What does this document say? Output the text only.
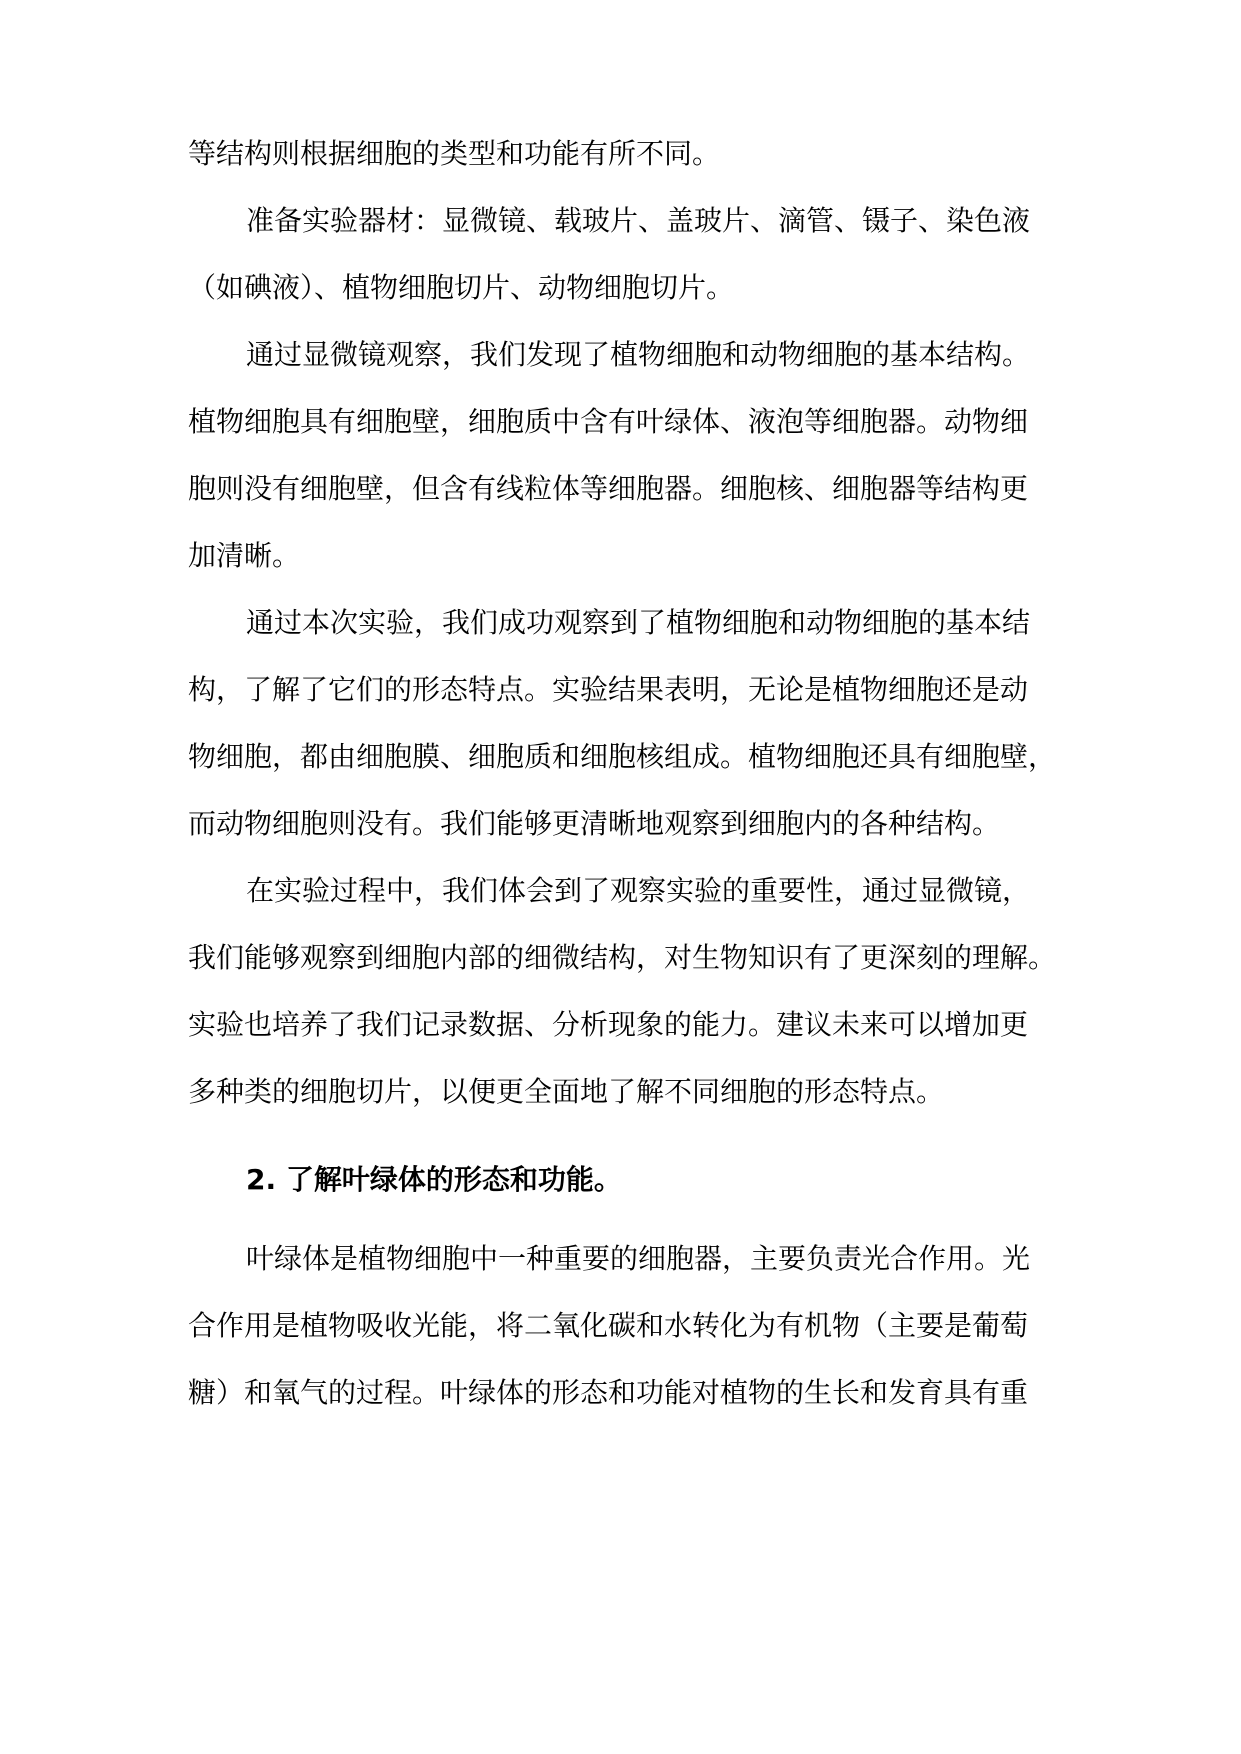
等结构则根据细胞的类型和功能有所不同。
准备实验器材：显微镜、载玻片、盖玻片、滴管、镊子、染色液
（如碘液）、植物细胞切片、动物细胞切片。
通过显微镜观察，我们发现了植物细胞和动物细胞的基本结构。
植物细胞具有细胞壁，细胞质中含有叶绿体、液泡等细胞器。动物细
胞则没有细胞壁，但含有线粒体等细胞器。细胞核、细胞器等结构更
加清晰。
通过本次实验，我们成功观察到了植物细胞和动物细胞的基本结
构，了解了它们的形态特点。实验结果表明，无论是植物细胞还是动
物细胞，都由细胞膜、细胞质和细胞核组成。植物细胞还具有细胞壁，
而动物细胞则没有。我们能够更清晰地观察到细胞内的各种结构。
在实验过程中，我们体会到了观察实验的重要性，通过显微镜，
我们能够观察到细胞内部的细微结构，对生物知识有了更深刻的理解。
实验也培养了我们记录数据、分析现象的能力。建议未来可以增加更
多种类的细胞切片，以便更全面地了解不同细胞的形态特点。
2. 了解叶绿体的形态和功能。
叶绿体是植物细胞中一种重要的细胞器，主要负责光合作用。光
合作用是植物吸收光能，将二氧化碳和水转化为有机物（主要是葡萄
糖）和氧气的过程。叶绿体的形态和功能对植物的生长和发育具有重
